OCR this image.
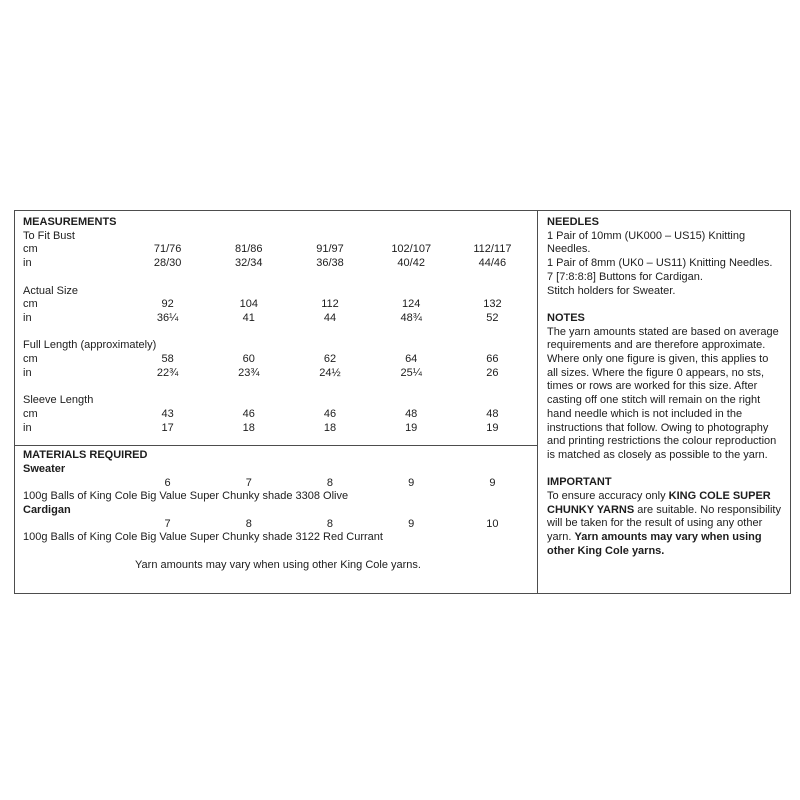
MEASUREMENTS
To Fit Bust
cm	71/76	81/86	91/97	102/107	112/117
in	28/30	32/34	36/38	40/42	44/46
Actual Size
cm	92	104	112	124	132
in	36¼	41	44	48¾	52
Full Length (approximately)
cm	58	60	62	64	66
in	22¾	23¾	24½	25¼	26
Sleeve Length
cm	43	46	46	48	48
in	17	18	18	19	19
MATERIALS REQUIRED
Sweater
6	7	8	9	9
100g Balls of King Cole Big Value Super Chunky shade 3308 Olive
Cardigan
7	8	8	9	10
100g Balls of King Cole Big Value Super Chunky shade 3122 Red Currant
Yarn amounts may vary when using other King Cole yarns.
NEEDLES
1 Pair of 10mm (UK000 – US15) Knitting Needles.
1 Pair of 8mm (UK0 – US11) Knitting Needles.
7 [7:8:8:8] Buttons for Cardigan.
Stitch holders for Sweater.
NOTES
The yarn amounts stated are based on average requirements and are therefore approximate. Where only one figure is given, this applies to all sizes. Where the figure 0 appears, no sts, times or rows are worked for this size. After casting off one stitch will remain on the right hand needle which is not included in the instructions that follow. Owing to photography and printing restrictions the colour reproduction is matched as closely as possible to the yarn.
IMPORTANT
To ensure accuracy only KING COLE SUPER CHUNKY YARNS are suitable. No responsibility will be taken for the result of using any other yarn. Yarn amounts may vary when using other King Cole yarns.
